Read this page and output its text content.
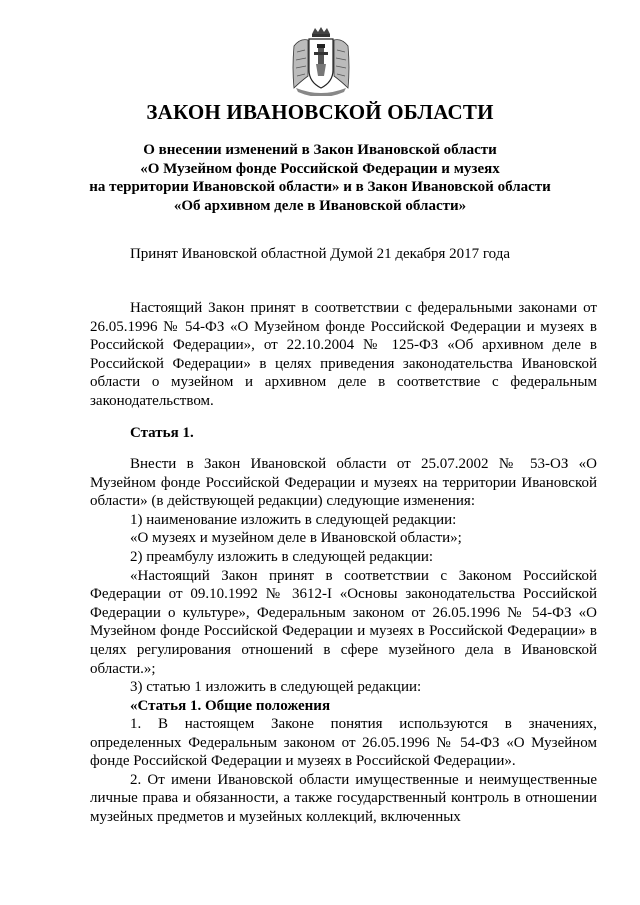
ЗАКОН ИВАНОВСКОЙ ОБЛАСТИ
О внесении изменений в Закон Ивановской области
«О Музейном фонде Российской Федерации и музеях
на территории Ивановской области» и в Закон Ивановской области
«Об архивном деле в Ивановской области»
Принят Ивановской областной Думой 21 декабря 2017 года

Настоящий Закон принят в соответствии с федеральными законами от 26.05.1996 № 54-ФЗ «О Музейном фонде Российской Федерации и музеях в Российской Федерации», от 22.10.2004 № 125-ФЗ «Об архивном деле в Российской Федерации» в целях приведения законодательства Ивановской области о музейном и архивном деле в соответствие с федеральным законодательством.

Статья 1.

Внести в Закон Ивановской области от 25.07.2002 № 53-ОЗ «О Музейном фонде Российской Федерации и музеях на территории Ивановской области» (в действующей редакции) следующие изменения:

1) наименование изложить в следующей редакции:

«О музеях и музейном деле в Ивановской области»;

2) преамбулу изложить в следующей редакции:

«Настоящий Закон принят в соответствии с Законом Российской Федерации от 09.10.1992 № 3612-I «Основы законодательства Российской Федерации о культуре», Федеральным законом от 26.05.1996 № 54-ФЗ «О Музейном фонде Российской Федерации и музеях в Российской Федерации» в целях регулирования отношений в сфере музейного дела в Ивановской области.»;

3) статью 1 изложить в следующей редакции:

«Статья 1. Общие положения

1. В настоящем Законе понятия используются в значениях, определенных Федеральным законом от 26.05.1996 № 54-ФЗ «О Музейном фонде Российской Федерации и музеях в Российской Федерации».

2. От имени Ивановской области имущественные и неимущественные личные права и обязанности, а также государственный контроль в отношении музейных предметов и музейных коллекций, включенных
